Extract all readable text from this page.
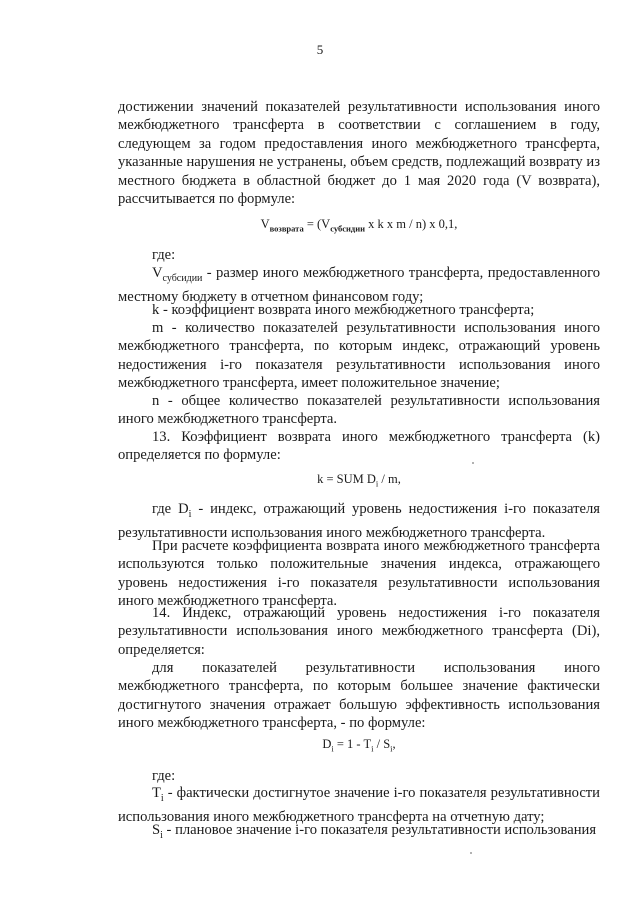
5

достижении значений показателей результативности использования иного межбюджетного трансферта в соответствии с соглашением в году, следующем за годом предоставления иного межбюджетного трансферта, указанные нарушения не устранены, объем средств, подлежащий возврату из местного бюджета в областной бюджет до 1 мая 2020 года (V возврата), рассчитывается по формуле:

$V_{возврата} = (V_{субсидии}$ x k x m / n) x 0,1,

где:

$V_{субсидии}$ - размер иного межбюджетного трансферта, предоставленного местному бюджету в отчетном финансовом году;

k - коэффициент возврата иного межбюджетного трансферта;

m - количество показателей результативности использования иного межбюджетного трансферта, по которым индекс, отражающий уровень недостижения i-го показателя результативности использования иного межбюджетного трансферта, имеет положительное значение;

n - общее количество показателей результативности использования иного межбюджетного трансферта.

13. Коэффициент возврата иного межбюджетного трансферта (k) определяется по формуле:

k = SUM $D_i$ / m,

где $D_i$ - индекс, отражающий уровень недостижения i-го показателя результативности использования иного межбюджетного трансферта.

При расчете коэффициента возврата иного межбюджетного трансферта используются только положительные значения индекса, отражающего уровень недостижения i-го показателя результативности использования иного межбюджетного трансферта.

14. Индекс, отражающий уровень недостижения i-го показателя результативности использования иного межбюджетного трансферта (Di), определяется:

для показателей результативности использования иного межбюджетного трансферта, по которым большее значение фактически достигнутого значения отражает большую эффективность использования иного межбюджетного трансферта, - по формуле:

$D_i = 1 - T_i / S_i$,

где:

$T_i$ - фактически достигнутое значение i-го показателя результативности использования иного межбюджетного трансферта на отчетную дату;

$S_i$ - плановое значение i-го показателя результативности использования
